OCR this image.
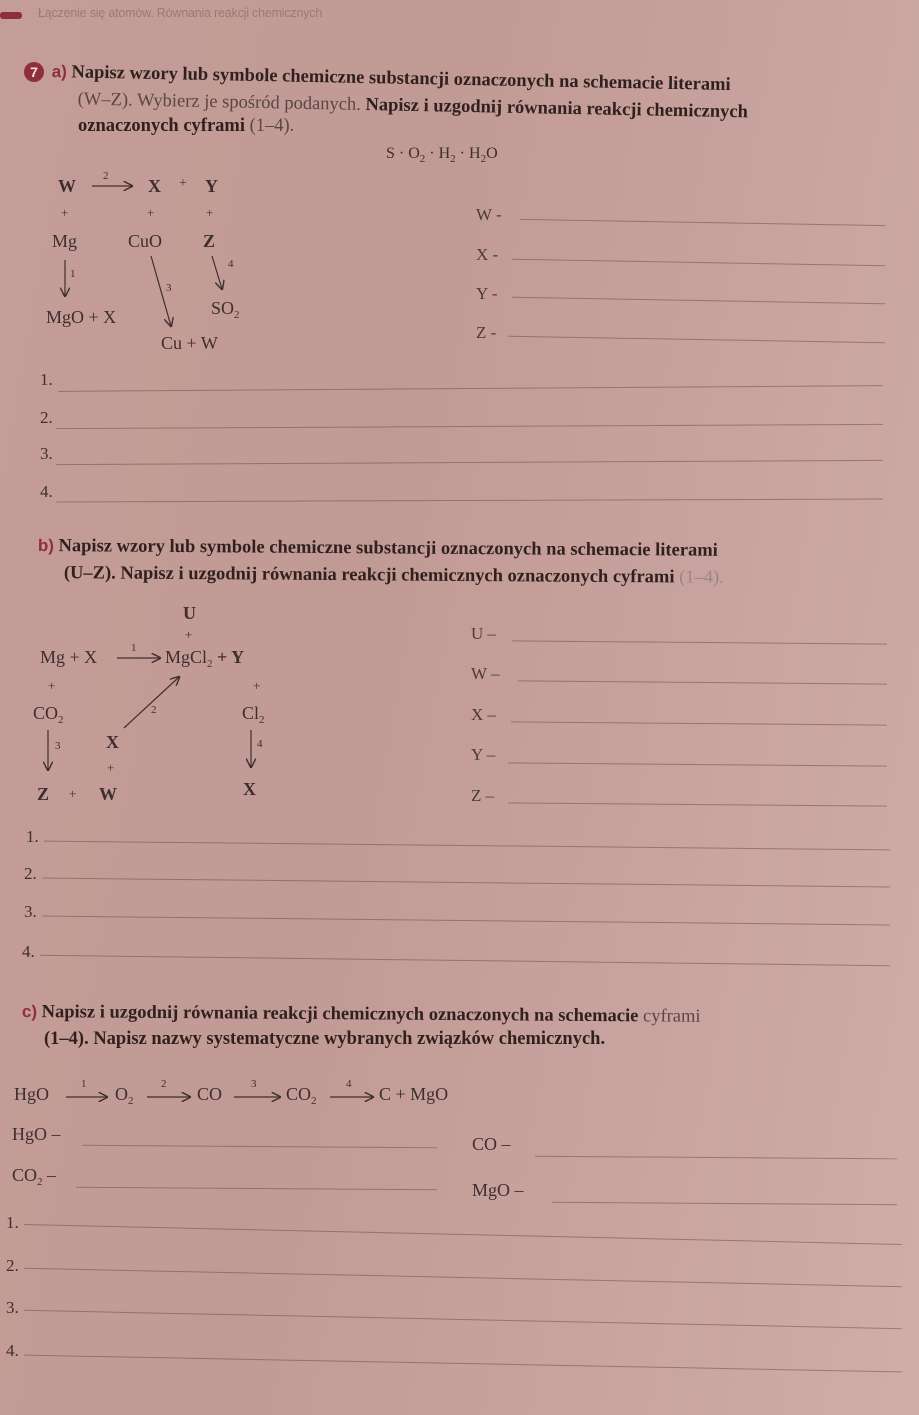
Łączenie się atomów. Równania reakcji chemicznych
7 a) Napisz wzory lub symbole chemiczne substancji oznaczonych na schemacie literami
(W–Z). Wybierz je spośród podanych. Napisz i uzgodnij równania reakcji chemicznych
oznaczonych cyframi (1–4).
$S \cdot O_2 \cdot H_2 \cdot H_2O$
W 2 X + Y
+	+	+
Mg	CuO Z
1
3
4
MgO + X	$SO_2$
Cu + W
W -
X -
Y -
Z -
1.
2.
3.
4.
b) Napisz wzory lub symbole chemiczne substancji oznaczonych na schemacie literami
(U–Z). Napisz i uzgodnij równania reakcji chemicznych oznaczonych cyframi (1–4).
U
+
Mg + X	1 MgCl$_2$ + Y
+	+
$CO_2$
2	$Cl_2$
3	X	4
+
Z + W	X
U –
W –
X –
Y –
Z –
1.
2.
3.
4.
c) Napisz i uzgodnij równania reakcji chemicznych oznaczonych na schemacie cyframi
(1–4). Napisz nazwy systematyczne wybranych związków chemicznych.
HgO	1 $O_2$
2 CO	3 $CO_2$
4 C + MgO
HgO –
$CO_2$ –
CO –
MgO –
1.
2.
3.
4.
